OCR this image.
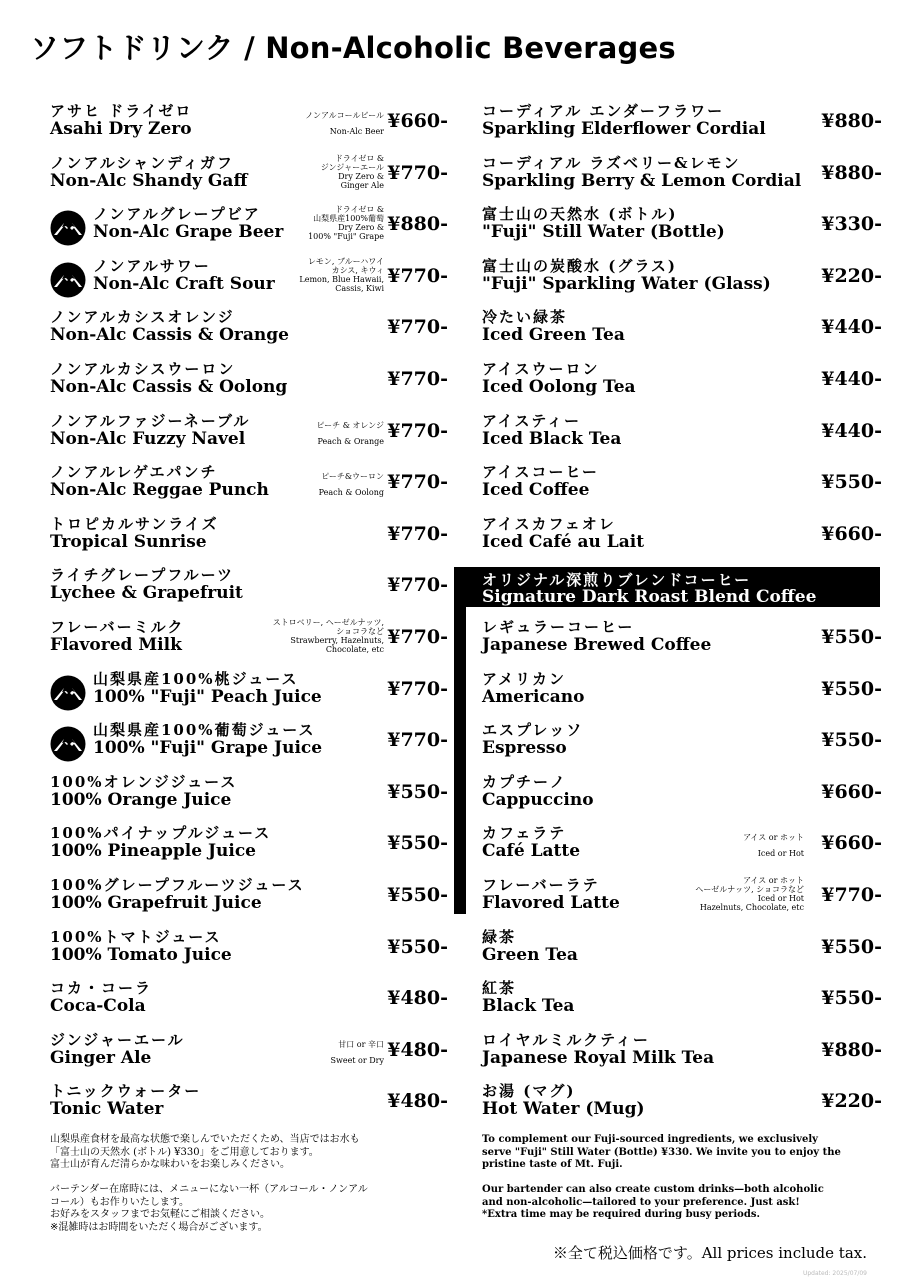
ソフトドリンク / Non-Alcoholic Beverages
アサヒ ドライゼロ
Asahi Dry Zero
ノンアルコールビール
Non-Alc Beer ¥660-
ノンアルシャンディガフ
Non-Alc Shandy Gaff
ドライゼロ &
ジンジャーエール
Dry Zero &
Ginger Ale
¥770-
ノンアルグレープビア
Non-Alc Grape Beer
ドライゼロ &
山梨県産100%葡萄
Dry Zero &
100% "Fuji" Grape
¥880-
ノンアルサワー
Non-Alc Craft Sour
レモン, ブルーハワイ
カシス, キウィ
Lemon, Blue Hawaii,
Cassis, Kiwi
¥770-
ノンアルカシスオレンジ
Non-Alc Cassis & Orange	¥770-
ノンアルカシスウーロン
Non-Alc Cassis & Oolong	¥770-
ノンアルファジーネーブル
Non-Alc Fuzzy Navel
ピーチ & オレンジ
Peach & Orange ¥770-
ノンアルレゲエパンチ
Non-Alc Reggae Punch
ピーチ&ウーロン
Peach & Oolong ¥770-
トロピカルサンライズ
Tropical Sunrise	¥770-
ライチグレープフルーツ
Lychee & Grapefruit	¥770-
フレーバーミルク
Flavored Milk
ストロベリー, ヘーゼルナッツ,
ショコラなど
Strawberry, Hazelnuts,
Chocolate, etc
¥770-
山梨県産100%桃ジュース
100% "Fuji" Peach Juice	¥770-
山梨県産100%葡萄ジュース
100% "Fuji" Grape Juice	¥770-
100%オレンジジュース
100% Orange Juice	¥550-
100%パイナップルジュース
100% Pineapple Juice	¥550-
100%グレープフルーツジュース
100% Grapefruit Juice	¥550-
100%トマトジュース
100% Tomato Juice	¥550-
コカ・コーラ
Coca-Cola	¥480-
ジンジャーエール
Ginger Ale
甘口 or 辛口
Sweet or Dry ¥480-
トニックウォーター
Tonic Water	¥480-
コーディアル エンダーフラワー
Sparkling Elderflower Cordial	¥880-
コーディアル ラズベリー&レモン
Sparkling Berry & Lemon Cordial ¥880-
富士山の天然水 (ボトル)
"Fuji" Still Water (Bottle)	¥330-
富士山の炭酸水 (グラス)
"Fuji" Sparkling Water (Glass)	¥220-
冷たい緑茶
Iced Green Tea	¥440-
アイスウーロン
Iced Oolong Tea	¥440-
アイスティー
Iced Black Tea	¥440-
アイスコーヒー
Iced Coffee	¥550-
アイスカフェオレ
Iced Café au Lait	¥660-
レギュラーコーヒー
Japanese Brewed Coffee	¥550-
アメリカン
Americano	¥550-
エスプレッソ
Espresso	¥550-
カプチーノ
Cappuccino	¥660-
カフェラテ
Café Latte
アイス or ホット
Iced or Hot ¥660-
フレーバーラテ
Flavored Latte
アイス or ホット
ヘーゼルナッツ, ショコラなど
Iced or Hot
Hazelnuts, Chocolate, etc
¥770-
緑茶
Green Tea	¥550-
紅茶
Black Tea	¥550-
ロイヤルミルクティー
Japanese Royal Milk Tea	¥880-
お湯 (マグ)
Hot Water (Mug)	¥220-
オリジナル深煎りブレンドコーヒー
Signature Dark Roast Blend Coffee
山梨県産食材を最高な状態で楽しんでいただくため、当店ではお水も
「富士山の天然水 (ボトル) ¥330」をご用意しております。
富士山が育んだ清らかな味わいをお楽しみください。

バーテンダー在席時には、メニューにない一杯（アルコール・ノンアル
コール）もお作りいたします。
お好みをスタッフまでお気軽にご相談ください。
※混雑時はお時間をいただく場合がございます。
To complement our Fuji-sourced ingredients, we exclusively
serve "Fuji" Still Water (Bottle) ¥330. We invite you to enjoy the
pristine taste of Mt. Fuji.

Our bartender can also create custom drinks—both alcoholic
and non-alcoholic—tailored to your preference. Just ask!
*Extra time may be required during busy periods.
※全て税込価格です。All prices include tax.
Updated: 2025/07/09
